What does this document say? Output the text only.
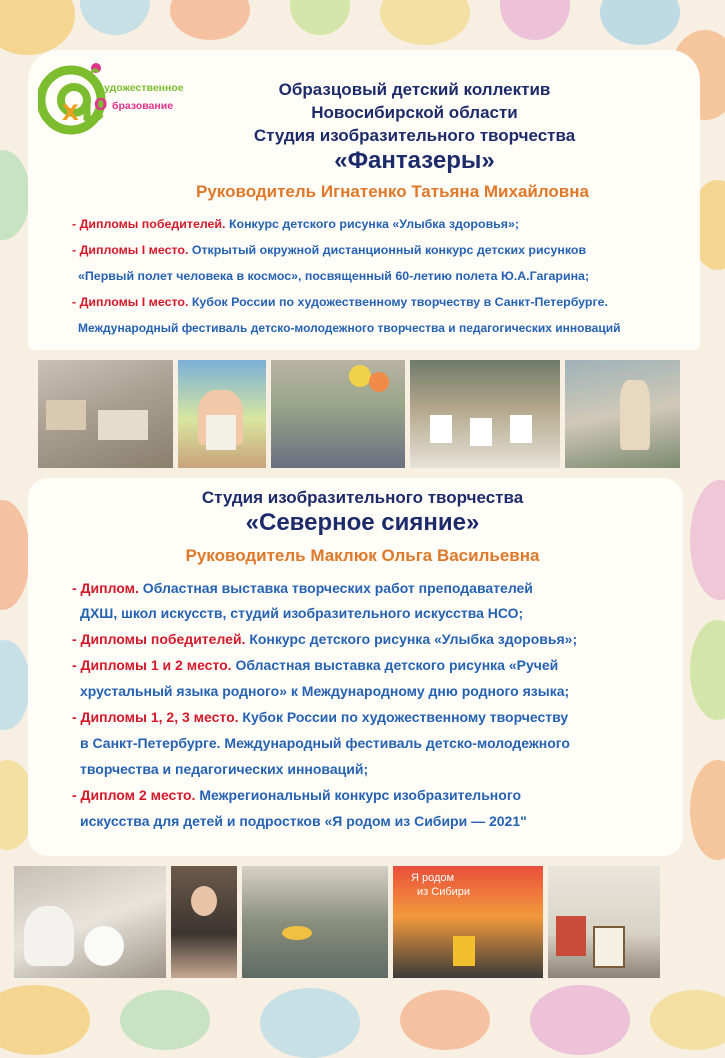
х
удожественное
о бразование
Образцовый детский коллектив
Новосибирской области
Студия изобразительного творчества
«Фантазеры»
Руководитель Игнатенко Татьяна Михайловна
- Дипломы победителей. Конкурс детского рисунка «Улыбка здоровья»;
- Дипломы I место. Открытый окружной дистанционный конкурс детских рисунков
«Первый полет человека в космос», посвященный 60-летию полета Ю.А.Гагарина;
- Дипломы I место. Кубок России по художественному творчеству в Санкт-Петербурге.
Международный фестиваль детско-молодежного творчества и педагогических инноваций
Студия изобразительного творчества
«Северное сияние»
Руководитель Маклюк Ольга Васильевна
- Диплом. Областная выставка творческих работ преподавателей
ДХШ, школ искусств, студий изобразительного искусства НСО;
- Дипломы победителей. Конкурс детского рисунка «Улыбка здоровья»;
- Дипломы 1 и 2 место. Областная выставка детского рисунка «Ручей
хрустальный языка родного» к Международному дню родного языка;
- Дипломы 1, 2, 3 место. Кубок России по художественному творчеству
в Санкт-Петербурге. Международный фестиваль детско-молодежного
творчества и педагогических инноваций;
- Диплом 2 место. Межрегиональный конкурс изобразительного
искусства для детей и подростков «Я родом из Сибири — 2021"
Я родом
из Сибири
